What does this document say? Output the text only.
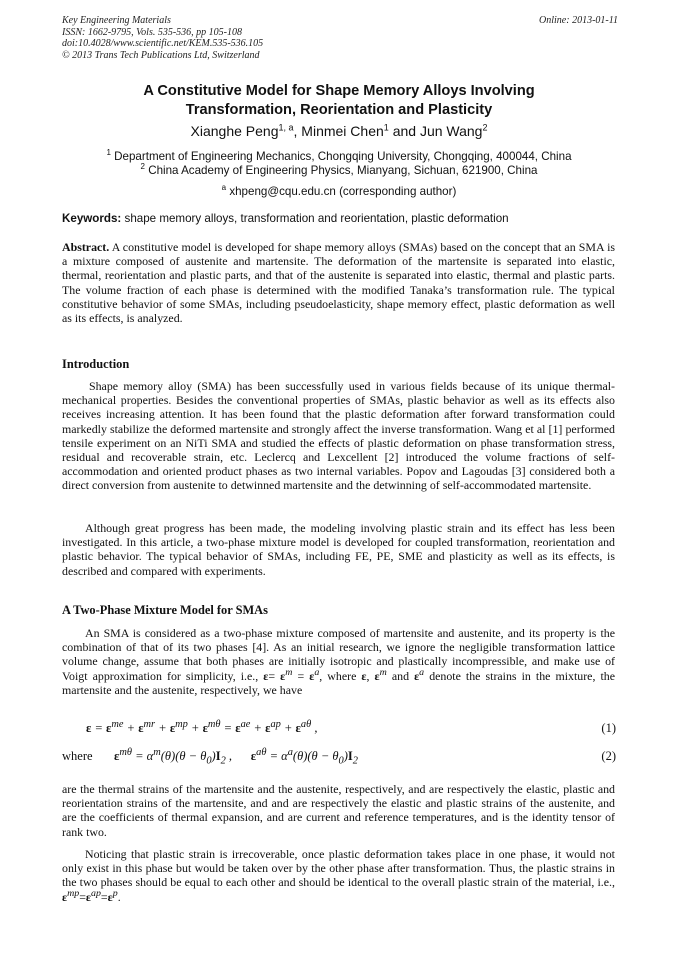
Key Engineering Materials
ISSN: 1662-9795, Vols. 535-536, pp 105-108
doi:10.4028/www.scientific.net/KEM.535-536.105
© 2013 Trans Tech Publications Ltd, Switzerland
Online: 2013-01-11
A Constitutive Model for Shape Memory Alloys Involving
Transformation, Reorientation and Plasticity
Xianghe Peng$^{1, a}$, Minmei Chen$^1$ and Jun Wang$^2$
$^1$ Department of Engineering Mechanics, Chongqing University, Chongqing, 400044, China
$^2$ China Academy of Engineering Physics, Mianyang, Sichuan, 621900, China
$^a$ xhpeng@cqu.edu.cn (corresponding author)
Keywords: shape memory alloys, transformation and reorientation, plastic deformation
Abstract. A constitutive model is developed for shape memory alloys (SMAs) based on the concept that an SMA is a mixture composed of austenite and martensite. The deformation of the martensite is separated into elastic, thermal, reorientation and plastic parts, and that of the austenite is separated into elastic, thermal and plastic parts. The volume fraction of each phase is determined with the modified Tanaka’s transformation rule. The typical constitutive behavior of some SMAs, including pseudoelasticity, shape memory effect, plastic deformation as well as its effects, is analyzed.
Introduction
Shape memory alloy (SMA) has been successfully used in various fields because of its unique thermal-mechanical properties. Besides the conventional properties of SMAs, plastic behavior as well as its effects also receives increasing attention. It has been found that the plastic deformation after forward transformation could markedly stabilize the deformed martensite and strongly affect the inverse transformation. Wang et al [1] performed tensile experiment on an NiTi SMA and studied the effects of plastic deformation on phase transformation stress, residual and recoverable strain, etc. Leclercq and Lexcellent [2] introduced the volume fractions of self-accommodation and oriented product phases as two internal variables. Popov and Lagoudas [3] considered both a direct conversion from austenite to detwinned martensite and the detwinning of self-accommodated martensite.
Although great progress has been made, the modeling involving plastic strain and its effect has less been investigated. In this article, a two-phase mixture model is developed for coupled transformation, reorientation and plastic behavior. The typical behavior of SMAs, including FE, PE, SME and plasticity as well as its effects, is described and compared with experiments.
A Two-Phase Mixture Model for SMAs
An SMA is considered as a two-phase mixture composed of martensite and austenite, and its property is the combination of that of its two phases [4]. As an initial research, we ignore the negligible transformation lattice volume change, assume that both phases are initially isotropic and plastically incompressible, and make use of Voigt approximation for simplicity, i.e., $\varepsilon= \varepsilon^m = \varepsilon^a$, where ε, $\varepsilon^m$ and $\varepsilon^a$ denote the strains in the mixture, the martensite and the austenite, respectively, we have
$\varepsilon = \varepsilon^{me} + \varepsilon^{mr} + \varepsilon^{mp} + \varepsilon^{m\theta} = \varepsilon^{ae} + \varepsilon^{ap} + \varepsilon^{a\theta}$ ,	(1)
where $\varepsilon^{m\theta} = \alpha^m(\theta)(\theta - \theta_0)I_2$ ,      $\varepsilon^{a\theta} = \alpha^a(\theta)(\theta - \theta_0)I_2$	(2)
are the thermal strains of the martensite and the austenite, respectively, and are respectively the elastic, plastic and reorientation strains of the martensite, and and are respectively the elastic and plastic strains of the austenite, and are the coefficients of thermal expansion, and are current and reference temperatures, and is the identity tensor of rank two.
Noticing that plastic strain is irrecoverable, once plastic deformation takes place in one phase, it would not only exist in this phase but would be taken over by the other phase after transformation. Thus, the plastic strains in the two phases should be equal to each other and should be identical to the overall plastic strain of the material, i.e., $\varepsilon^{mp}=\varepsilon^{ap}=\varepsilon^p$.
